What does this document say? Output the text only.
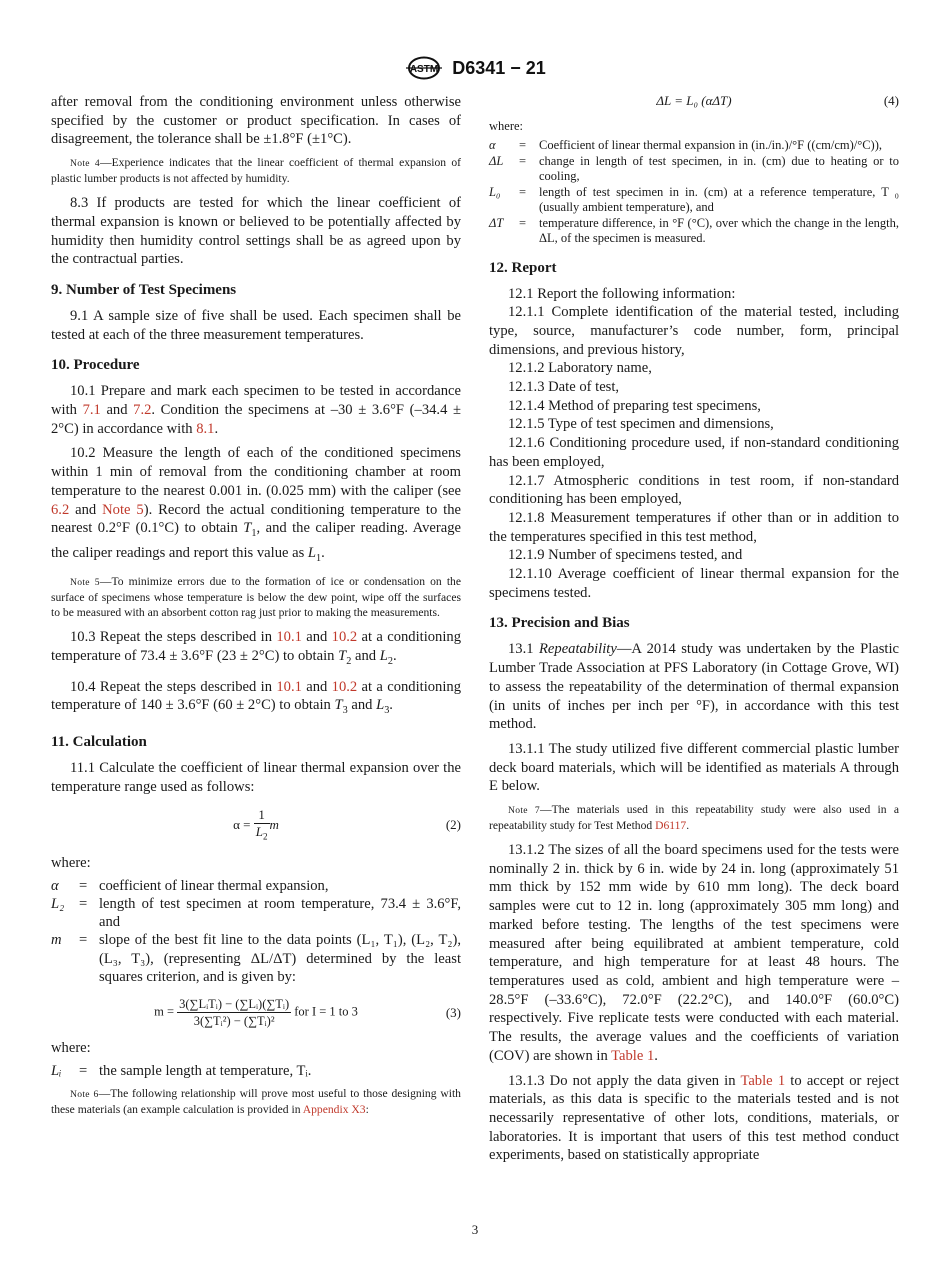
ASTM D6341 − 21

after removal from the conditioning environment unless otherwise specified by the customer or product specification. In cases of disagreement, the tolerance shall be ±1.8°F (±1°C).

Note 4—Experience indicates that the linear coefficient of thermal expansion of plastic lumber products is not affected by humidity.

8.3 If products are tested for which the linear coefficient of thermal expansion is known or believed to be potentially affected by humidity then humidity control settings shall be as agreed upon by the contractual parties.

9. Number of Test Specimens

9.1 A sample size of five shall be used. Each specimen shall be tested at each of the three measurement temperatures.

10. Procedure

10.1 Prepare and mark each specimen to be tested in accordance with 7.1 and 7.2. Condition the specimens at –30 ± 3.6°F (–34.4 ± 2°C) in accordance with 8.1.

10.2 Measure the length of each of the conditioned specimens within 1 min of removal from the conditioning chamber at room temperature to the nearest 0.001 in. (0.025 mm) with the caliper (see 6.2 and Note 5). Record the actual conditioning temperature to the nearest 0.2°F (0.1°C) to obtain $T_1$, and the caliper reading. Average the caliper readings and report this value as $L_1$.

Note 5—To minimize errors due to the formation of ice or condensation on the surface of specimens whose temperature is below the dew point, wipe off the surfaces to be measured with an absorbent cotton rag just prior to making the measurements.

10.3 Repeat the steps described in 10.1 and 10.2 at a conditioning temperature of 73.4 ± 3.6°F (23 ± 2°C) to obtain $T_2$ and $L_2$.

10.4 Repeat the steps described in 10.1 and 10.2 at a conditioning temperature of 140 ± 3.6°F (60 ± 2°C) to obtain $T_3$ and $L_3$.

11. Calculation

11.1 Calculate the coefficient of linear thermal expansion over the temperature range used as follows:

$\alpha = \frac{1}{L_2}$ m	(2)
where:
α	= coefficient of linear thermal expansion,
L₂	= length of test specimen at room temperature, 73.4 ± 3.6°F, and
m	= slope of the best fit line to the data points (L₁, T₁), (L₂, T₂), (L₃, T₃), (representing ΔL/ΔT) determined by the least squares criterion, and is given by:
$m = \frac{\text{3(∑LᵢTᵢ) − (∑Lᵢ)(∑Tᵢ)}}{\text{3(∑Tᵢ²) − (∑Tᵢ)²}}$ for I = 1 to 3	(3)
where:
Lᵢ	= the sample length at temperature, Tᵢ.

Note 6—The following relationship will prove most useful to those designing with these materials (an example calculation is provided in Appendix X3:

ΔL = L₀ (αΔT)	(4)
where:
α	=	Coefficient of linear thermal expansion in (in./in.)/°F ((cm/cm)/°C)),
ΔL	=	change in length of test specimen, in in. (cm) due to heating or to cooling,
L₀	=	length of test specimen in in. (cm) at a reference temperature, T ₀ (usually ambient temperature), and
ΔT	=	temperature difference, in °F (°C), over which the change in the length, ΔL, of the specimen is measured.
12. Report

12.1 Report the following information:

12.1.1 Complete identification of the material tested, including type, source, manufacturer’s code number, form, principal dimensions, and previous history,

12.1.2 Laboratory name,

12.1.3 Date of test,

12.1.4 Method of preparing test specimens,

12.1.5 Type of test specimen and dimensions,

12.1.6 Conditioning procedure used, if non-standard conditioning has been employed,

12.1.7 Atmospheric conditions in test room, if non-standard conditioning has been employed,

12.1.8 Measurement temperatures if other than or in addition to the temperatures specified in this test method,

12.1.9 Number of specimens tested, and

12.1.10 Average coefficient of linear thermal expansion for the specimens tested.

13. Precision and Bias

13.1 Repeatability—A 2014 study was undertaken by the Plastic Lumber Trade Association at PFS Laboratory (in Cottage Grove, WI) to assess the repeatability of the determination of thermal expansion (in units of inches per inch per °F), in accordance with this test method.

13.1.1 The study utilized five different commercial plastic lumber deck board materials, which will be identified as materials A through E below.

Note 7—The materials used in this repeatability study were also used in a repeatability study for Test Method D6117.

13.1.2 The sizes of all the board specimens used for the tests were nominally 2 in. thick by 6 in. wide by 24 in. long (approximately 51 mm thick by 152 mm wide by 610 mm long). The deck board samples were cut to 12 in. long (approximately 305 mm long) and marked before testing. The lengths of the test specimens were measured after being equilibrated at ambient temperature, cold temperature, and high temperature for at least 48 hours. The temperatures used as cold, ambient and high temperature were –28.5°F (–33.6°C), 72.0°F (22.2°C), and 140.0°F (60.0°C) respectively. Five replicate tests were conducted with each material. The results, the average values and the coefficients of variation (COV) are shown in Table 1.

13.1.3 Do not apply the data given in Table 1 to accept or reject materials, as this data is specific to the materials tested and is not necessarily representative of other lots, conditions, materials, or laboratories. It is important that users of this test method conduct experiments, based on statistically appropriate

3
